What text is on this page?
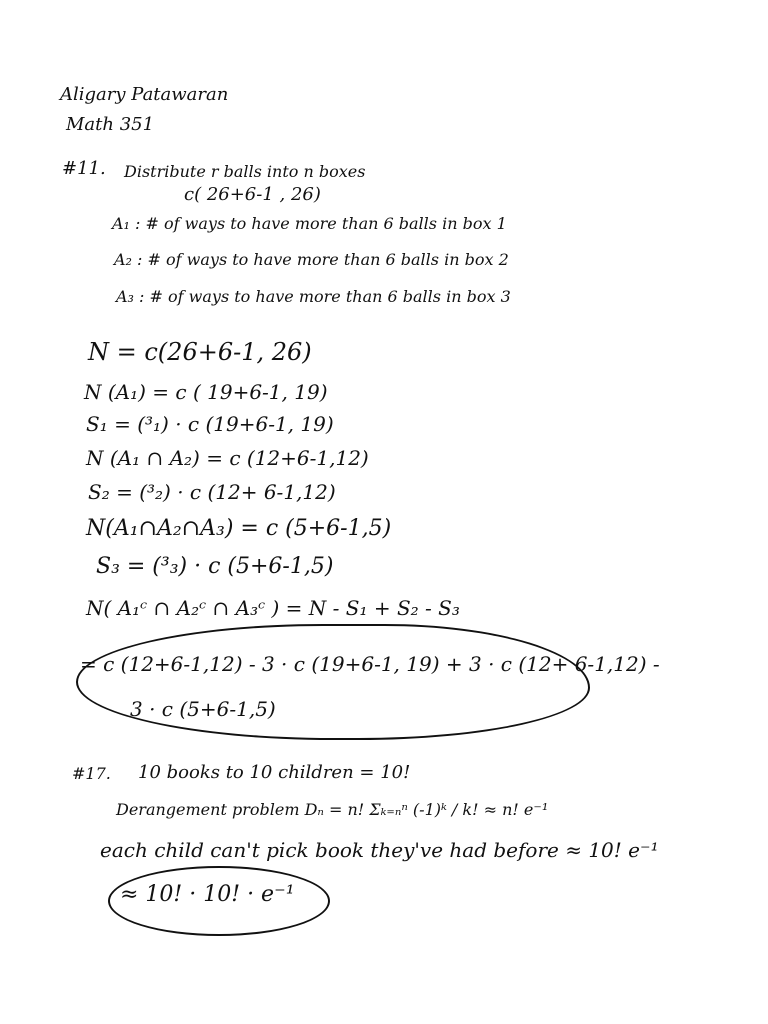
Aligary Patawaran

Math 351

#11. Distribute r balls into n boxes

c( 26+6-1 , 26)

A₁ : # of ways to have more than 6 balls in box 1

A₂ : # of ways to have more than 6 balls in box 2

A₃ : # of ways to have more than 6 balls in box 3

N = c(26+6-1, 26)

N (A₁) = c ( 19+6-1, 19)

S₁ = (³₁) · c (19+6-1, 19)

N (A₁ ∩ A₂) = c (12+6-1,12)

S₂ = (³₂) · c (12+ 6-1,12)

N(A₁∩A₂∩A₃) = c (5+6-1,5)

S₃ = (³₃) · c (5+6-1,5)

N( A₁ᶜ ∩ A₂ᶜ ∩ A₃ᶜ ) = N - S₁ + S₂ - S₃

= c (12+6-1,12) - 3 · c (19+6-1, 19) + 3 · c (12+ 6-1,12) -

3 · c (5+6-1,5)

#17. 10 books to 10 children = 10!

Derangement problem Dₙ = n! Σₖ₌ₙⁿ (-1)ᵏ / k! ≈ n! e⁻¹

each child can't pick book they've had before ≈ 10! e⁻¹

≈ 10! · 10! · e⁻¹
